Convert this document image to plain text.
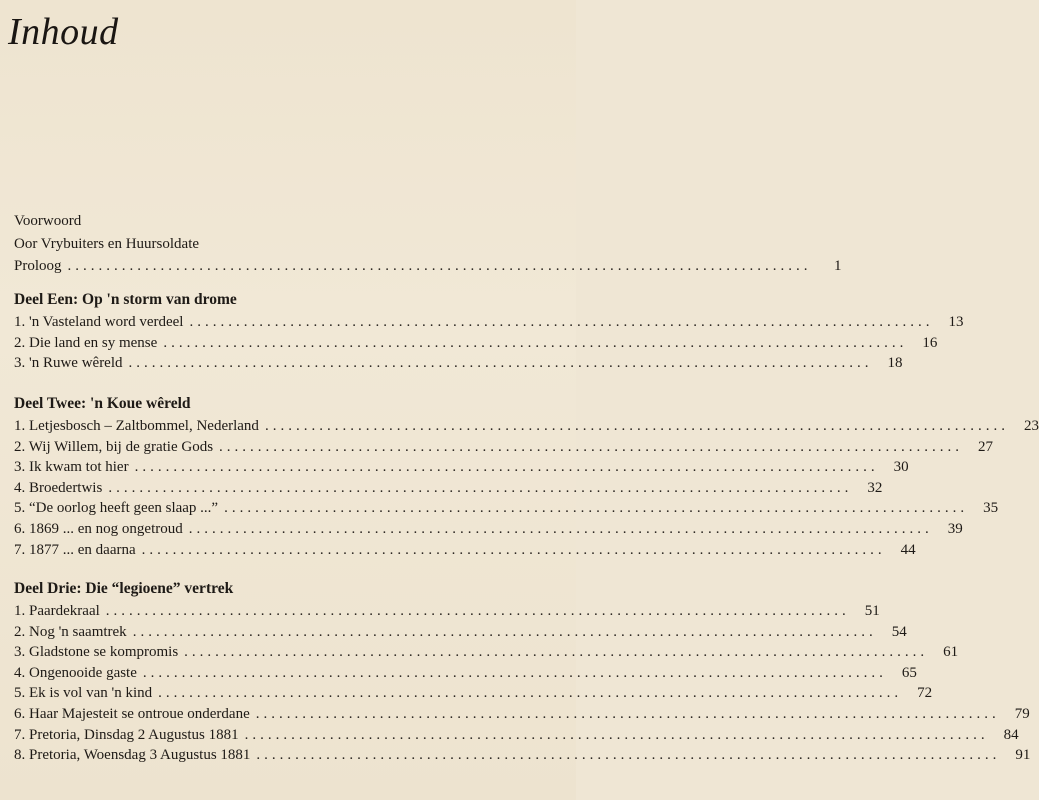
Inhoud
Voorwoord
Oor Vrybuiters en Huursoldate
Proloog ................................................................................................	1
Deel Een: Op 'n storm van drome
1. 'n Vasteland word verdeel ................................................................................................	13
2. Die land en sy mense ................................................................................................	16
3. 'n Ruwe wêreld ................................................................................................	18
Deel Twee: 'n Koue wêreld
1. Letjesbosch – Zaltbommel, Nederland ................................................................................................	23
2. Wij Willem, bij de gratie Gods ................................................................................................	27
3. Ik kwam tot hier ................................................................................................	30
4. Broedertwis ................................................................................................	32
5. “De oorlog heeft geen slaap ...” ................................................................................................	35
6. 1869 ... en nog ongetroud ................................................................................................	39
7. 1877 ... en daarna ................................................................................................	44
Deel Drie: Die “legioene” vertrek
1. Paardekraal ................................................................................................	51
2. Nog 'n saamtrek ................................................................................................	54
3. Gladstone se kompromis ................................................................................................	61
4. Ongenooide gaste ................................................................................................	65
5. Ek is vol van 'n kind ................................................................................................	72
6. Haar Majesteit se ontroue onderdane ................................................................................................	79
7. Pretoria, Dinsdag 2 Augustus 1881 ................................................................................................	84
8. Pretoria, Woensdag 3 Augustus 1881 ................................................................................................	91
